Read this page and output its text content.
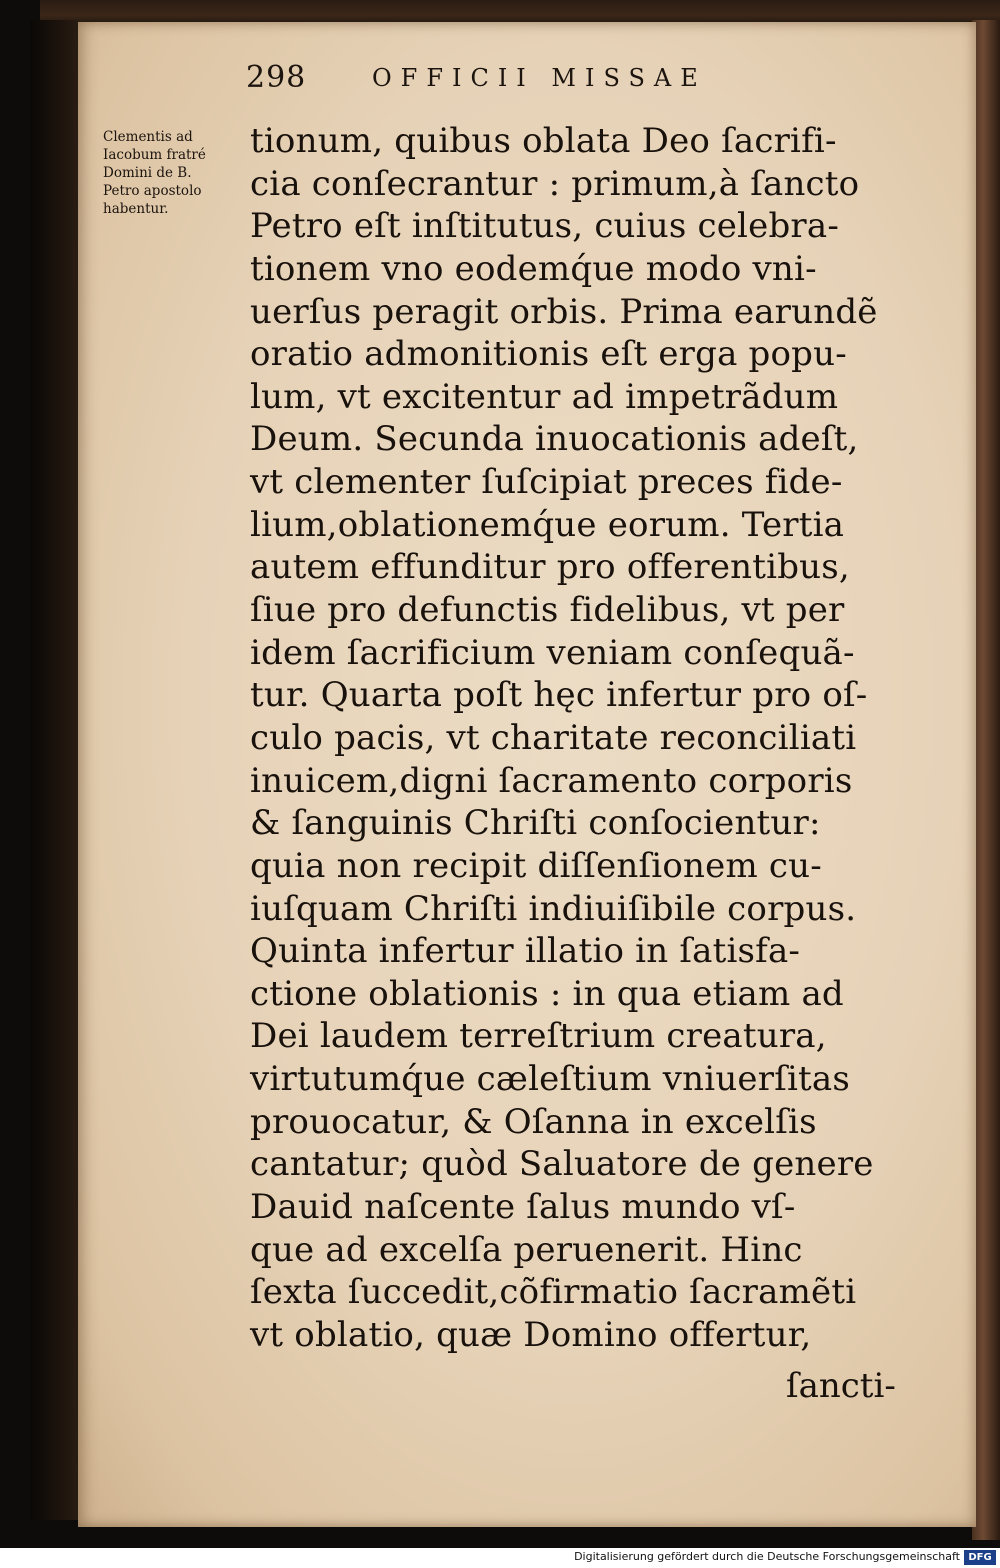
298	OFFICII MISSAE
Clementis ad
Iacobum fratré
Domini de B.
Petro apostolo
habentur.
tionum, quibus oblata Deo ſacrifi-
cia conſecrantur : primum,à ſancto
Petro eſt inſtitutus, cuius celebra-
tionem vno eodemq́ue modo vni-
uerſus peragit orbis. Prima earundẽ
oratio admonitionis eſt erga popu-
lum, vt excitentur ad impetrãdum
Deum. Secunda inuocationis adeſt,
vt clementer ſuſcipiat preces fide-
lium,oblationemq́ue eorum. Tertia
autem effunditur pro offerentibus,
ſiue pro defunctis fidelibus, vt per
idem ſacrificium veniam conſequã-
tur. Quarta poſt hęc infertur pro oſ-
culo pacis, vt charitate reconciliati
inuicem,digni ſacramento corporis
& ſanguinis Chriſti conſocientur:
quia non recipit diſſenſionem cu-
iuſquam Chriſti indiuiſibile corpus.
Quinta infertur illatio in ſatisfa-
ctione oblationis : in qua etiam ad
Dei laudem terreſtrium creatura,
virtutumq́ue cæleſtium vniuerſitas
prouocatur, & Oſanna in excelſis
cantatur; quòd Saluatore de genere
Dauid naſcente ſalus mundo vſ-
que ad excelſa peruenerit. Hinc
ſexta ſuccedit,cõfirmatio ſacramẽti
vt oblatio, quæ Domino offertur,
ſancti-
Digitalisierung gefördert durch die Deutsche Forschungsgemeinschaft DFG
